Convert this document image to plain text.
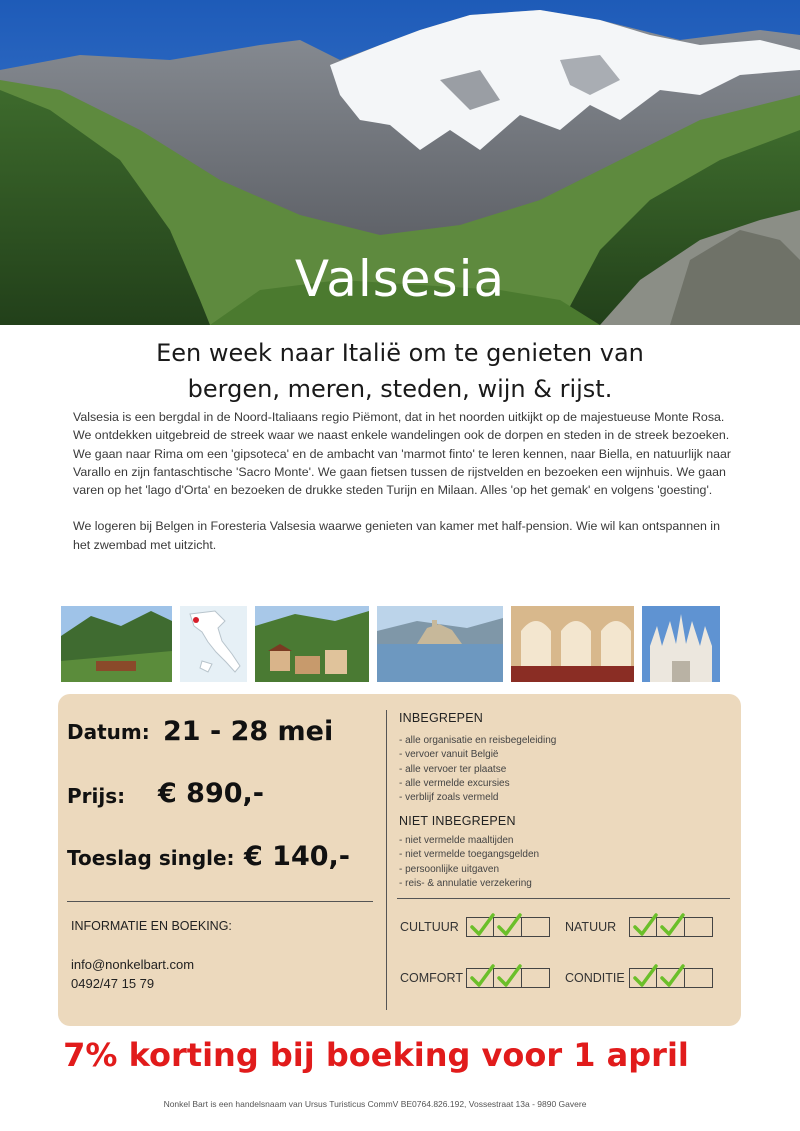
Valsesia
Een week naar Italië om te genieten van
bergen, meren, steden, wijn & rijst.

Valsesia is een bergdal in de Noord-Italiaans regio Piëmont, dat in het noorden uitkijkt op de majestueuse Monte Rosa.

We ontdekken uitgebreid de streek waar we naast enkele wandelingen ook de dorpen en steden in de streek bezoeken. We gaan naar Rima om een 'gipsoteca' en de ambacht van 'marmot finto' te leren kennen, naar Biella, en natuurlijk naar Varallo en zijn fantaschtische 'Sacro Monte'. We gaan fietsen tussen de rijstvelden en bezoeken een wijnhuis. We gaan varen op het 'lago d'Orta' en bezoeken de drukke steden Turijn en Milaan. Alles 'op het gemak' en volgens 'goesting'.

We logeren bij Belgen in Foresteria Valsesia waarwe genieten van kamer met half-pension. Wie wil kan ontspannen in het zwembad met uitzicht.

Datum: 21 - 28 mei
Prijs: € 890,-
Toeslag single: € 140,-
INBEGREPEN
- alle organisatie en reisbegeleiding
- vervoer vanuit België
- alle vervoer ter plaatse
- alle vermelde excursies
- verblijf zoals vermeld
NIET INBEGREPEN
- niet vermelde maaltijden
- niet vermelde toegangsgelden
- persoonlijke uitgaven
- reis- & annulatie verzekering
INFORMATIE EN BOEKING:
info@nonkelbart.com
0492/47 15 79
CULTUUR	NATUUR
COMFORT	CONDITIE
7% korting bij boeking voor 1 april
Nonkel Bart is een handelsnaam van Ursus Turisticus CommV BE0764.826.192, Vossestraat 13a - 9890 Gavere
